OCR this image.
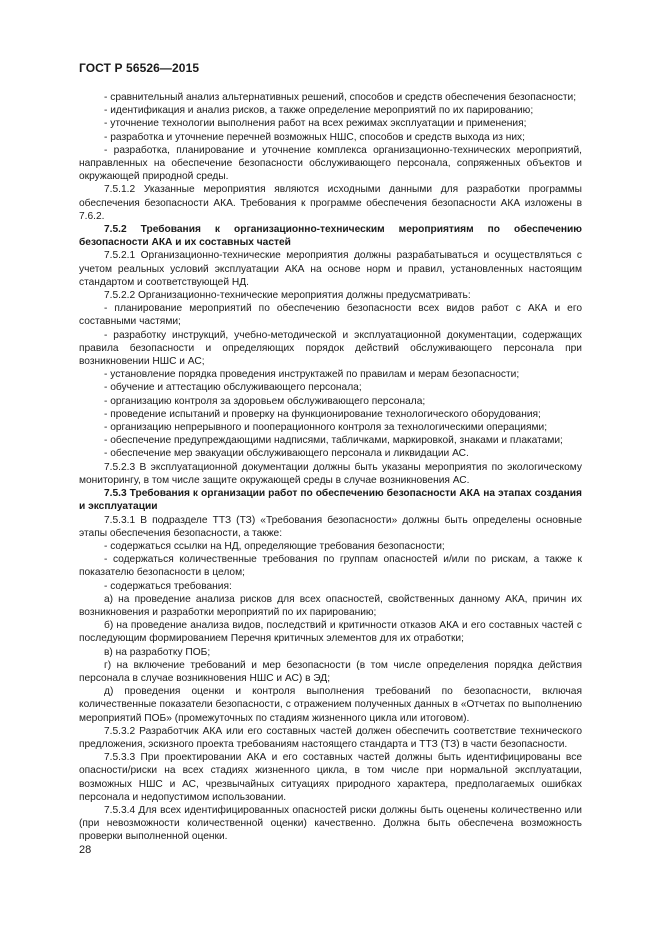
ГОСТ Р 56526—2015

- сравнительный анализ альтернативных решений, способов и средств обеспечения безопасности;

- идентификация и анализ рисков, а также определение мероприятий по их парированию;

- уточнение технологии выполнения работ на всех режимах эксплуатации и применения;

- разработка и уточнение перечней возможных НШС, способов и средств выхода из них;

- разработка, планирование и уточнение комплекса организационно-технических мероприятий, направленных на обеспечение безопасности обслуживающего персонала, сопряженных объектов и окружающей природной среды.

7.5.1.2 Указанные мероприятия являются исходными данными для разработки программы обеспечения безопасности АКА. Требования к программе обеспечения безопасности АКА изложены в 7.6.2.

7.5.2 Требования к организационно-техническим мероприятиям по обеспечению безопасности АКА и их составных частей

7.5.2.1 Организационно-технические мероприятия должны разрабатываться и осуществляться с учетом реальных условий эксплуатации АКА на основе норм и правил, установленных настоящим стандартом и соответствующей НД.

7.5.2.2 Организационно-технические мероприятия должны предусматривать:

- планирование мероприятий по обеспечению безопасности всех видов работ с АКА и его составными частями;

- разработку инструкций, учебно-методической и эксплуатационной документации, содержащих правила безопасности и определяющих порядок действий обслуживающего персонала при возникновении НШС и АС;

- установление порядка проведения инструктажей по правилам и мерам безопасности;

- обучение и аттестацию обслуживающего персонала;

- организацию контроля за здоровьем обслуживающего персонала;

- проведение испытаний и проверку на функционирование технологического оборудования;

- организацию непрерывного и пооперационного контроля за технологическими операциями;

- обеспечение предупреждающими надписями, табличками, маркировкой, знаками и плакатами;

- обеспечение мер эвакуации обслуживающего персонала и ликвидации АС.

7.5.2.3 В эксплуатационной документации должны быть указаны мероприятия по экологическому мониторингу, в том числе защите окружающей среды в случае возникновения АС.

7.5.3 Требования к организации работ по обеспечению безопасности АКА на этапах создания и эксплуатации

7.5.3.1 В подразделе ТТЗ (ТЗ) «Требования безопасности» должны быть определены основные этапы обеспечения безопасности, а также:

- содержаться ссылки на НД, определяющие требования безопасности;

- содержаться количественные требования по группам опасностей и/или по рискам, а также к показателю безопасности в целом;

- содержаться требования:

а) на проведение анализа рисков для всех опасностей, свойственных данному АКА, причин их возникновения и разработки мероприятий по их парированию;

б) на проведение анализа видов, последствий и критичности отказов АКА и его составных частей с последующим формированием Перечня критичных элементов для их отработки;

в) на разработку ПОБ;

г) на включение требований и мер безопасности (в том числе определения порядка действия персонала в случае возникновения НШС и АС) в ЭД;

д) проведения оценки и контроля выполнения требований по безопасности, включая количественные показатели безопасности, с отражением полученных данных в «Отчетах по выполнению мероприятий ПОБ» (промежуточных по стадиям жизненного цикла или итоговом).

7.5.3.2 Разработчик АКА или его составных частей должен обеспечить соответствие технического предложения, эскизного проекта требованиям настоящего стандарта и ТТЗ (ТЗ) в части безопасности.

7.5.3.3 При проектировании АКА и его составных частей должны быть идентифицированы все опасности/риски на всех стадиях жизненного цикла, в том числе при нормальной эксплуатации, возможных НШС и АС, чрезвычайных ситуациях природного характера, предполагаемых ошибках персонала и недопустимом использовании.

7.5.3.4 Для всех идентифицированных опасностей риски должны быть оценены количественно или (при невозможности количественной оценки) качественно. Должна быть обеспечена возможность проверки выполненной оценки.

28
